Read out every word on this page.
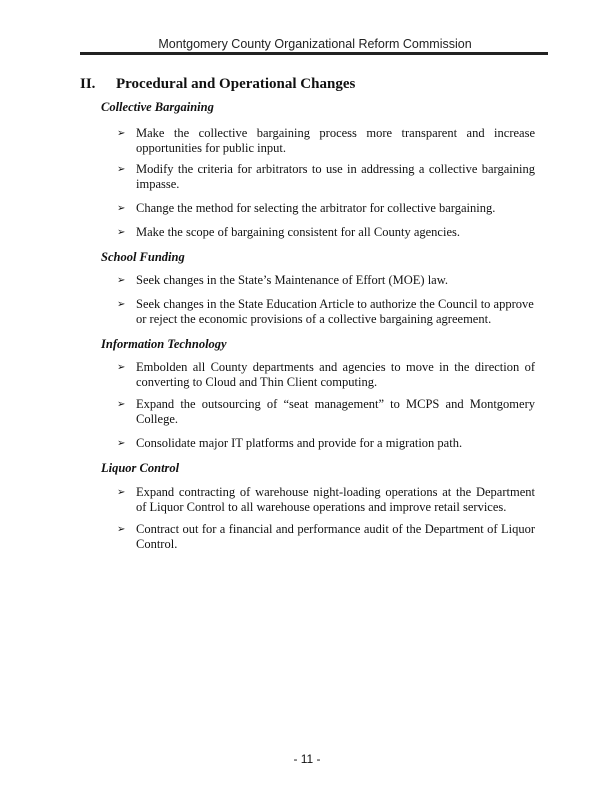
Montgomery County Organizational Reform Commission
II. Procedural and Operational Changes
Collective Bargaining
➢ Make the collective bargaining process more transparent and increase opportunities for public input.
➢ Modify the criteria for arbitrators to use in addressing a collective bargaining impasse.
➢ Change the method for selecting the arbitrator for collective bargaining.
➢ Make the scope of bargaining consistent for all County agencies.
School Funding
➢ Seek changes in the State’s Maintenance of Effort (MOE) law.
➢ Seek changes in the State Education Article to authorize the Council to approve or reject the economic provisions of a collective bargaining agreement.
Information Technology
➢ Embolden all County departments and agencies to move in the direction of converting to Cloud and Thin Client computing.
➢ Expand the outsourcing of “seat management” to MCPS and Montgomery College.
➢ Consolidate major IT platforms and provide for a migration path.
Liquor Control
➢ Expand contracting of warehouse night-loading operations at the Department of Liquor Control to all warehouse operations and improve retail services.
➢ Contract out for a financial and performance audit of the Department of Liquor Control.
- 11 -
